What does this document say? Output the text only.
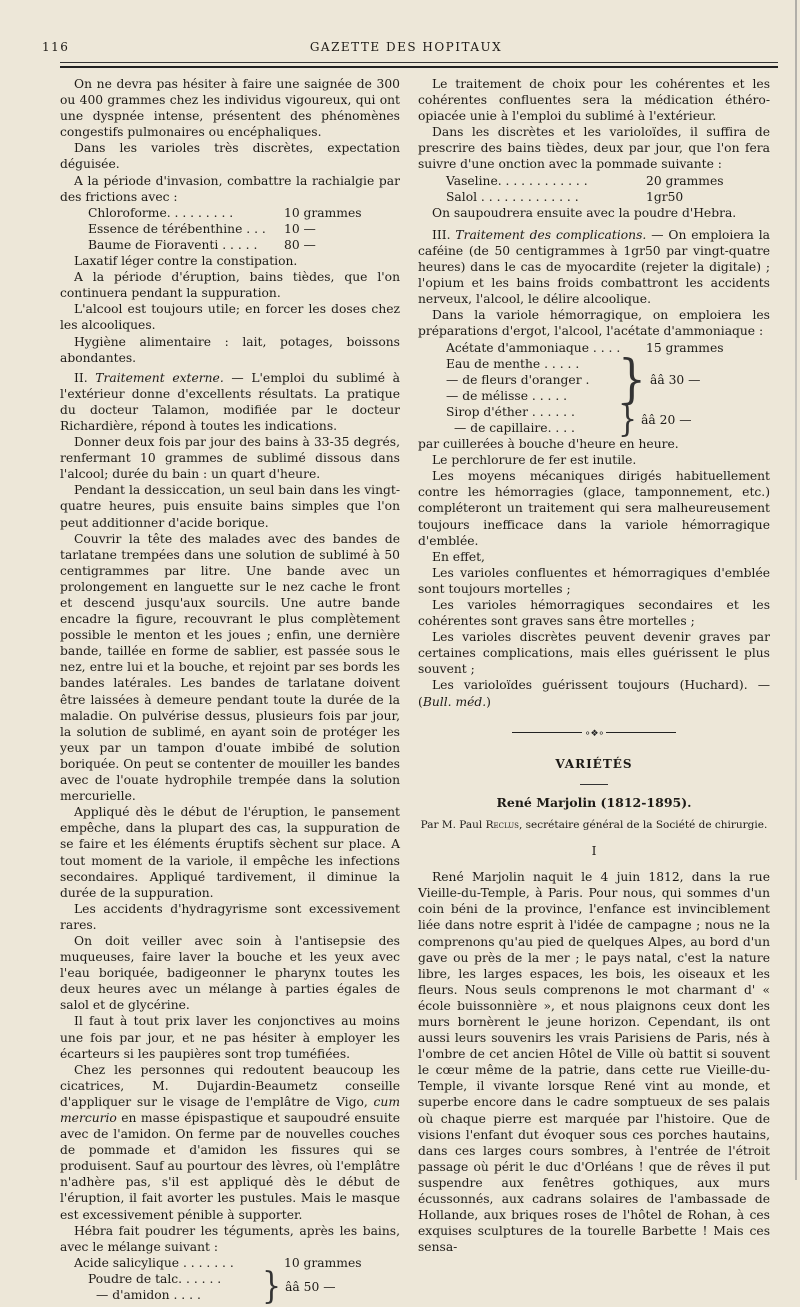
116	GAZETTE DES HOPITAUX

On ne devra pas hésiter à faire une saignée de 300 ou 400 grammes chez les individus vigoureux, qui ont une dyspnée intense, présentent des phénomènes congestifs pulmonaires ou encéphaliques.

Dans les varioles très discrètes, expectation déguisée.

A la période d'invasion, combattre la rachialgie par des frictions avec :

Chloroforme. . . . . . . . .	10 grammes
Essence de térébenthine . . .	10 —
Baume de Fioraventi . . . . .	80 —

Laxatif léger contre la constipation.

A la période d'éruption, bains tièdes, que l'on continuera pendant la suppuration.

L'alcool est toujours utile; en forcer les doses chez les alcooliques.

Hygiène alimentaire : lait, potages, boissons abondantes.

II. Traitement externe. — L'emploi du sublimé à l'extérieur donne d'excellents résultats. La pratique du docteur Talamon, modifiée par le docteur Richardière, répond à toutes les indications.

Donner deux fois par jour des bains à 33-35 degrés, renfermant 10 grammes de sublimé dissous dans l'alcool; durée du bain : un quart d'heure.

Pendant la dessiccation, un seul bain dans les vingt-quatre heures, puis ensuite bains simples que l'on peut additionner d'acide borique.

Couvrir la tête des malades avec des bandes de tarlatane trempées dans une solution de sublimé à 50 centigrammes par litre. Une bande avec un prolongement en languette sur le nez cache le front et descend jusqu'aux sourcils. Une autre bande encadre la figure, recouvrant le plus complètement possible le menton et les joues ; enfin, une dernière bande, taillée en forme de sablier, est passée sous le nez, entre lui et la bouche, et rejoint par ses bords les bandes latérales. Les bandes de tarlatane doivent être laissées à demeure pendant toute la durée de la maladie. On pulvérise dessus, plusieurs fois par jour, la solution de sublimé, en ayant soin de protéger les yeux par un tampon d'ouate imbibé de solution boriquée. On peut se contenter de mouiller les bandes avec de l'ouate hydrophile trempée dans la solution mercurielle.

Appliqué dès le début de l'éruption, le pansement empêche, dans la plupart des cas, la suppuration de se faire et les éléments éruptifs sèchent sur place. A tout moment de la variole, il empêche les infections secondaires. Appliqué tardivement, il diminue la durée de la suppuration.

Les accidents d'hydragyrisme sont excessivement rares.

On doit veiller avec soin à l'antisepsie des muqueuses, faire laver la bouche et les yeux avec l'eau boriquée, badigeonner le pharynx toutes les deux heures avec un mélange à parties égales de salol et de glycérine.

Il faut à tout prix laver les conjonctives au moins une fois par jour, et ne pas hésiter à employer les écarteurs si les paupières sont trop tuméfiées.

Chez les personnes qui redoutent beaucoup les cicatrices, M. Dujardin-Beaumetz conseille d'appliquer sur le visage de l'emplâtre de Vigo, cum mercurio en masse épispastique et saupoudré ensuite avec de l'amidon. On ferme par de nouvelles couches de pommade et d'amidon les fissures qui se produisent. Sauf au pourtour des lèvres, où l'emplâtre n'adhère pas, s'il est appliqué dès le début de l'éruption, il fait avorter les pustules. Mais le masque est excessivement pénible à supporter.

Hébra fait poudrer les téguments, après les bains, avec le mélange suivant :

Acide salicylique . . . . . . .	10 grammes
Poudre de talc. . . . . .
— d'amidon . . . .	} ââ 50 —

Le traitement de choix pour les cohérentes et les cohérentes confluentes sera la médication éthéro-opiacée unie à l'emploi du sublimé à l'extérieur.

Dans les discrètes et les varioloïdes, il suffira de prescrire des bains tièdes, deux par jour, que l'on fera suivre d'une onction avec la pommade suivante :

Vaseline. . . . . . . . . . . .	20 grammes
Salol . . . . . . . . . . . . .	1gr50

On saupoudrera ensuite avec la poudre d'Hebra.

III. Traitement des complications. — On emploiera la caféine (de 50 centigrammes à 1gr50 par vingt-quatre heures) dans le cas de myocardite (rejeter la digitale) ; l'opium et les bains froids combattront les accidents nerveux, l'alcool, le délire alcoolique.

Dans la variole hémorragique, on emploiera les préparations d'ergot, l'alcool, l'acétate d'ammoniaque :

Acétate d'ammoniaque . . . .	15 grammes
Eau de menthe . . . . .
— de fleurs d'oranger .
— de mélisse . . . . .	} ââ 30 —
Sirop d'éther . . . . . .
— de capillaire. . . .	} ââ 20 —

par cuillerées à bouche d'heure en heure.

Le perchlorure de fer est inutile.

Les moyens mécaniques dirigés habituellement contre les hémorragies (glace, tamponnement, etc.) compléteront un traitement qui sera malheureusement toujours inefficace dans la variole hémorragique d'emblée.

En effet,

Les varioles confluentes et hémorragiques d'emblée sont toujours mortelles ;

Les varioles hémorragiques secondaires et les cohérentes sont graves sans être mortelles ;

Les varioles discrètes peuvent devenir graves par certaines complications, mais elles guérissent le plus souvent ;

Les varioloïdes guérissent toujours (Huchard). — (Bull. méd.)

⚬❖⚬
VARIÉTÉS
René Marjolin (1812-1895).
Par M. Paul Reclus, secrétaire général de la Société de chirurgie.
I

René Marjolin naquit le 4 juin 1812, dans la rue Vieille-du-Temple, à Paris. Pour nous, qui sommes d'un coin béni de la province, l'enfance est invinciblement liée dans notre esprit à l'idée de campagne ; nous ne la comprenons qu'au pied de quelques Alpes, au bord d'un gave ou près de la mer ; le pays natal, c'est la nature libre, les larges espaces, les bois, les oiseaux et les fleurs. Nous seuls comprenons le mot charmant d' « école buissonnière », et nous plaignons ceux dont les murs bornèrent le jeune horizon. Cependant, ils ont aussi leurs souvenirs les vrais Parisiens de Paris, nés à l'ombre de cet ancien Hôtel de Ville où battit si souvent le cœur même de la patrie, dans cette rue Vieille-du-Temple, il vivante lorsque René vint au monde, et superbe encore dans le cadre somptueux de ses palais où chaque pierre est marquée par l'histoire. Que de visions l'enfant dut évoquer sous ces porches hautains, dans ces larges cours sombres, à l'entrée de l'étroit passage où périt le duc d'Orléans ! que de rêves il put suspendre aux fenêtres gothiques, aux murs écussonnés, aux cadrans solaires de l'ambassade de Hollande, aux briques roses de l'hôtel de Rohan, à ces exquises sculptures de la tourelle Barbette ! Mais ces sensa-
